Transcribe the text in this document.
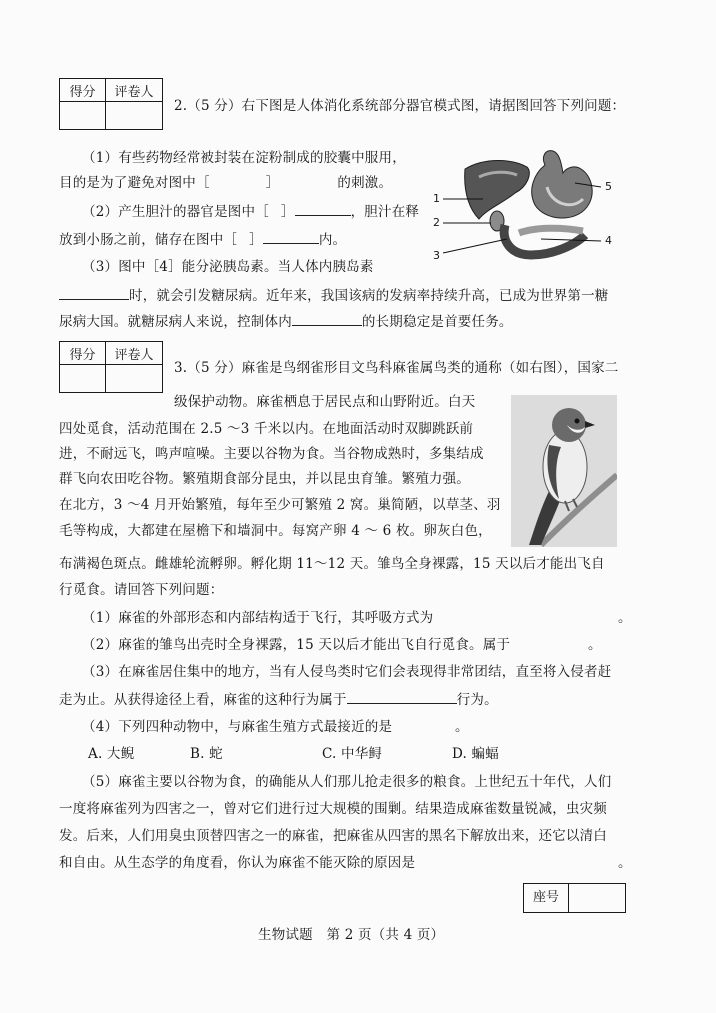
得分	评卷人

2.（5 分）右下图是人体消化系统部分器官模式图，请据图回答下列问题：
（1）有些药物经常被封装在淀粉制成的胶囊中服用，
目的是为了避免对图中［	］	的刺激。
（2）产生胆汁的器官是图中［ ］	，胆汁在释
放到小肠之前，储存在图中［ ］	内。
1
2
3
4
5
（3）图中［4］能分泌胰岛素。当人体内胰岛素
时，就会引发糖尿病。近年来，我国该病的发病率持续升高，已成为世界第一糖
尿病大国。就糖尿病人来说，控制体内	的长期稳定是首要任务。
得分	评卷人

3.（5 分）麻雀是鸟纲雀形目文鸟科麻雀属鸟类的通称（如右图），国家二
级保护动物。麻雀栖息于居民点和山野附近。白天
四处觅食，活动范围在 2.5 ～3 千米以内。在地面活动时双脚跳跃前
进，不耐远飞，鸣声喧噪。主要以谷物为食。当谷物成熟时，多集结成
群飞向农田吃谷物。繁殖期食部分昆虫，并以昆虫育雏。繁殖力强。
在北方，3 ～4 月开始繁殖，每年至少可繁殖 2 窝。巢简陋，以草茎、羽
毛等构成，大都建在屋檐下和墙洞中。每窝产卵 4 ～ 6 枚。卵灰白色，
布满褐色斑点。雌雄轮流孵卵。孵化期 11～12 天。雏鸟全身裸露，15 天以后才能出飞自
行觅食。请回答下列问题：
（1）麻雀的外部形态和内部结构适于飞行，其呼吸方式为	。
（2）麻雀的雏鸟出壳时全身裸露，15 天以后才能出飞自行觅食。属于	。
（3）在麻雀居住集中的地方，当有人侵鸟类时它们会表现得非常团结，直至将入侵者赶
走为止。从获得途径上看，麻雀的这种行为属于	行为。
（4）下列四种动物中，与麻雀生殖方式最接近的是	。
A. 大鲵	B. 蛇	C. 中华鲟	D. 蝙蝠
（5）麻雀主要以谷物为食，的确能从人们那儿抢走很多的粮食。上世纪五十年代，人们
一度将麻雀列为四害之一，曾对它们进行过大规模的围剿。结果造成麻雀数量锐减，虫灾频
发。后来，人们用臭虫顶替四害之一的麻雀，把麻雀从四害的黑名下解放出来，还它以清白
和自由。从生态学的角度看，你认为麻雀不能灭除的原因是	。
座号
生物试题　第 2 页（共 4 页）
